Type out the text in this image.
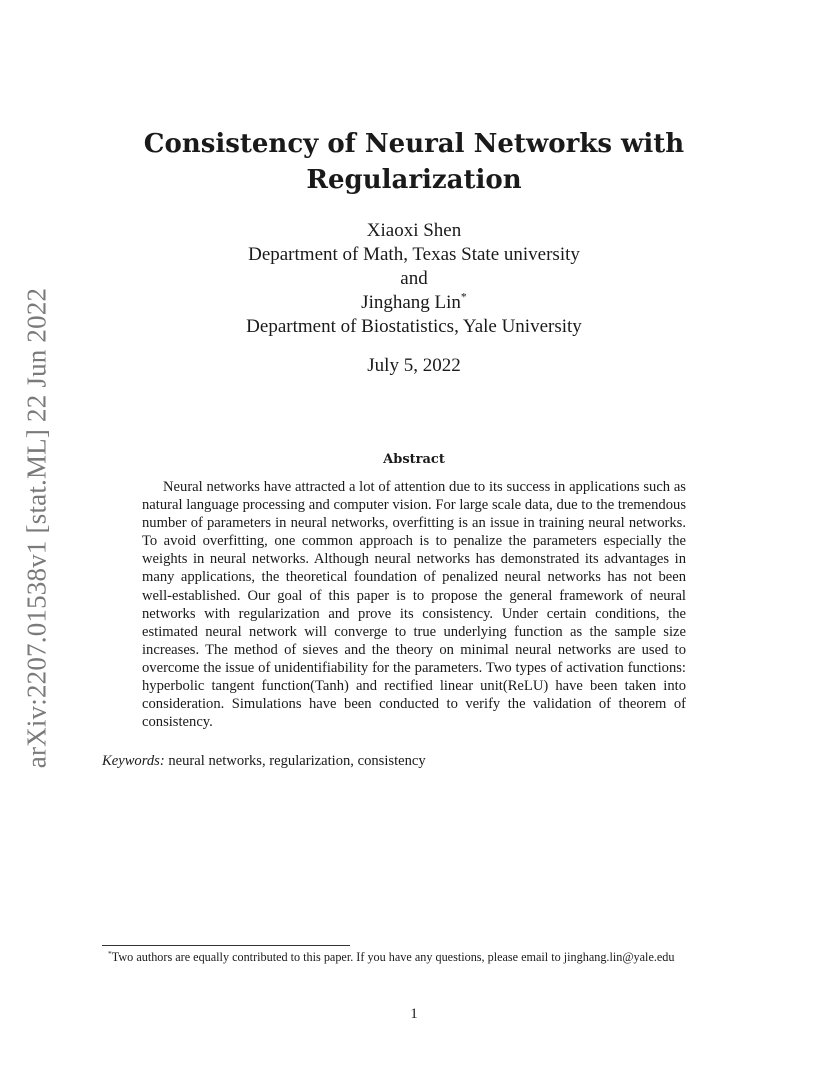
arXiv:2207.01538v1 [stat.ML] 22 Jun 2022
Consistency of Neural Networks with
Regularization
Xiaoxi Shen
Department of Math, Texas State university
and
Jinghang Lin*
Department of Biostatistics, Yale University
July 5, 2022
Abstract

Neural networks have attracted a lot of attention due to its success in applications such as natural language processing and computer vision. For large scale data, due to the tremendous number of parameters in neural networks, overfitting is an issue in training neural networks. To avoid overfitting, one common approach is to penalize the parameters especially the weights in neural networks. Although neural networks has demonstrated its advantages in many applications, the theoretical foundation of penalized neural networks has not been well-established. Our goal of this paper is to propose the general framework of neural networks with regularization and prove its consistency. Under certain conditions, the estimated neural network will converge to true underlying function as the sample size increases. The method of sieves and the theory on minimal neural networks are used to overcome the issue of unidentifiability for the parameters. Two types of activation functions: hyperbolic tangent function(Tanh) and rectified linear unit(ReLU) have been taken into consideration. Simulations have been conducted to verify the validation of theorem of consistency.

Keywords: neural networks, regularization, consistency

*Two authors are equally contributed to this paper. If you have any questions, please email to jinghang.lin@yale.edu

1
